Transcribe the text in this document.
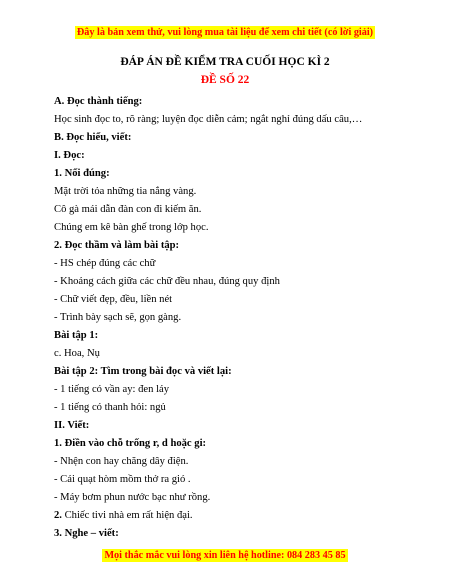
Đây là bản xem thử, vui lòng mua tài liệu để xem chi tiết (có lời giải)
ĐÁP ÁN ĐỀ KIỂM TRA CUỐI HỌC KÌ 2
ĐỀ SỐ 22
A. Đọc thành tiếng:
Học sinh đọc to, rõ ràng; luyện đọc diễn cảm; ngắt nghỉ đúng dấu câu,…
B. Đọc hiểu, viết:
I. Đọc:
1. Nối đúng:
Mặt trời tỏa những tia nắng vàng.
Cô gà mái dẫn đàn con đi kiếm ăn.
Chúng em kê bàn ghế trong lớp học.
2. Đọc thầm và làm bài tập:
- HS chép đúng các chữ
- Khoảng cách giữa các chữ đều nhau, đúng quy định
- Chữ viết đẹp, đều, liền nét
- Trình bày sạch sẽ, gọn gàng.
Bài tập 1:
c. Hoa, Nụ
Bài tập 2: Tìm trong bài đọc và viết lại:
- 1 tiếng có vần ay: đen láy
- 1 tiếng có thanh hỏi: ngủ
II. Viết:
1. Điền vào chỗ trống r, d hoặc gi:
- Nhện con hay chăng dây điện.
- Cái quạt hòm mồm thở ra gió .
- Máy bơm phun nước bạc như rồng.
2. Chiếc tivi nhà em rất hiện đại.
3. Nghe – viết:
Mọi thắc mắc vui lòng xin liên hệ hotline: 084 283 45 85
